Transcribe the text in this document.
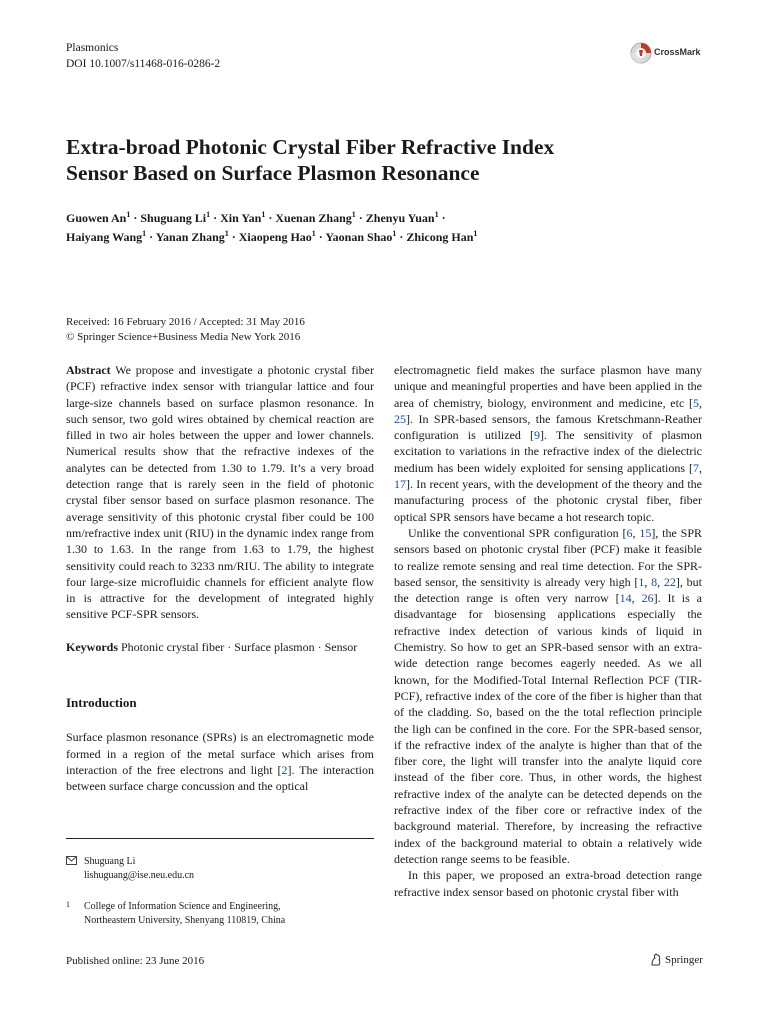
Plasmonics
DOI 10.1007/s11468-016-0286-2
CrossMark
Extra-broad Photonic Crystal Fiber Refractive Index
Sensor Based on Surface Plasmon Resonance
Guowen $An^1$ · Shuguang $Li^1$ · Xin Yan$^1$ · Xuenan Zhang$^1$ · Zhenyu Yuan$^1$ ·
Haiyang Wang$^1$ · Yanan Zhang$^1$ · Xiaopeng Hao$^1$ · Yaonan Shao$^1$ · Zhicong Han$^1$
Received: 16 February 2016 / Accepted: 31 May 2016
© Springer Science+Business Media New York 2016

Abstract We propose and investigate a photonic crystal fiber (PCF) refractive index sensor with triangular lattice and four large-size channels based on surface plasmon resonance. In such sensor, two gold wires obtained by chemical reaction are filled in two air holes between the upper and lower channels. Numerical results show that the refractive indexes of the analytes can be detected from 1.30 to 1.79. It’s a very broad detection range that is rarely seen in the field of photonic crystal fiber sensor based on surface plasmon resonance. The average sensitivity of this photonic crystal fiber could be 100 nm/refractive index unit (RIU) in the dynamic index range from 1.30 to 1.63. In the range from 1.63 to 1.79, the highest sensitivity could reach to 3233 nm/RIU. The ability to integrate four large-size microfluidic channels for efficient analyte flow in is attractive for the development of integrated highly sensitive PCF-SPR sensors.

Keywords Photonic crystal fiber · Surface plasmon · Sensor

Introduction

Surface plasmon resonance (SPRs) is an electromagnetic mode formed in a region of the metal surface which arises from interaction of the free electrons and light [2]. The interaction between surface charge concussion and the optical

Shuguang Li
lishuguang@ise.neu.edu.cn
1 College of Information Science and Engineering,
Northeastern University, Shenyang 110819, China

electromagnetic field makes the surface plasmon have many unique and meaningful properties and have been applied in the area of chemistry, biology, environment and medicine, etc [5, 25]. In SPR-based sensors, the famous Kretschmann-Reather configuration is utilized [9]. The sensitivity of plasmon excitation to variations in the refractive index of the dielectric medium has been widely exploited for sensing applications [7, 17]. In recent years, with the development of the theory and the manufacturing process of the photonic crystal fiber, fiber optical SPR sensors have became a hot research topic.

Unlike the conventional SPR configuration [6, 15], the SPR sensors based on photonic crystal fiber (PCF) make it feasible to realize remote sensing and real time detection. For the SPR-based sensor, the sensitivity is already very high [1, 8, 22], but the detection range is often very narrow [14, 26]. It is a disadvantage for biosensing applications especially the refractive index detection of various kinds of liquid in Chemistry. So how to get an SPR-based sensor with an extra-wide detection range becomes eagerly needed. As we all known, for the Modified-Total Internal Reflection PCF (TIR-PCF), refractive index of the core of the fiber is higher than that of the cladding. So, based on the the total reflection principle the ligh can be confined in the core. For the SPR-based sensor, if the refractive index of the analyte is higher than that of the fiber core, the light will transfer into the analyte liquid core instead of the fiber core. Thus, in other words, the highest refractive index of the analyte can be detected depends on the refractive index of the fiber core or refractive index of the background material. Therefore, by increasing the refractive index of the background material to obtain a relatively wide detection range seems to be feasible.

In this paper, we proposed an extra-broad detection range refractive index sensor based on photonic crystal fiber with

Published online: 23 June 2016	Springer
